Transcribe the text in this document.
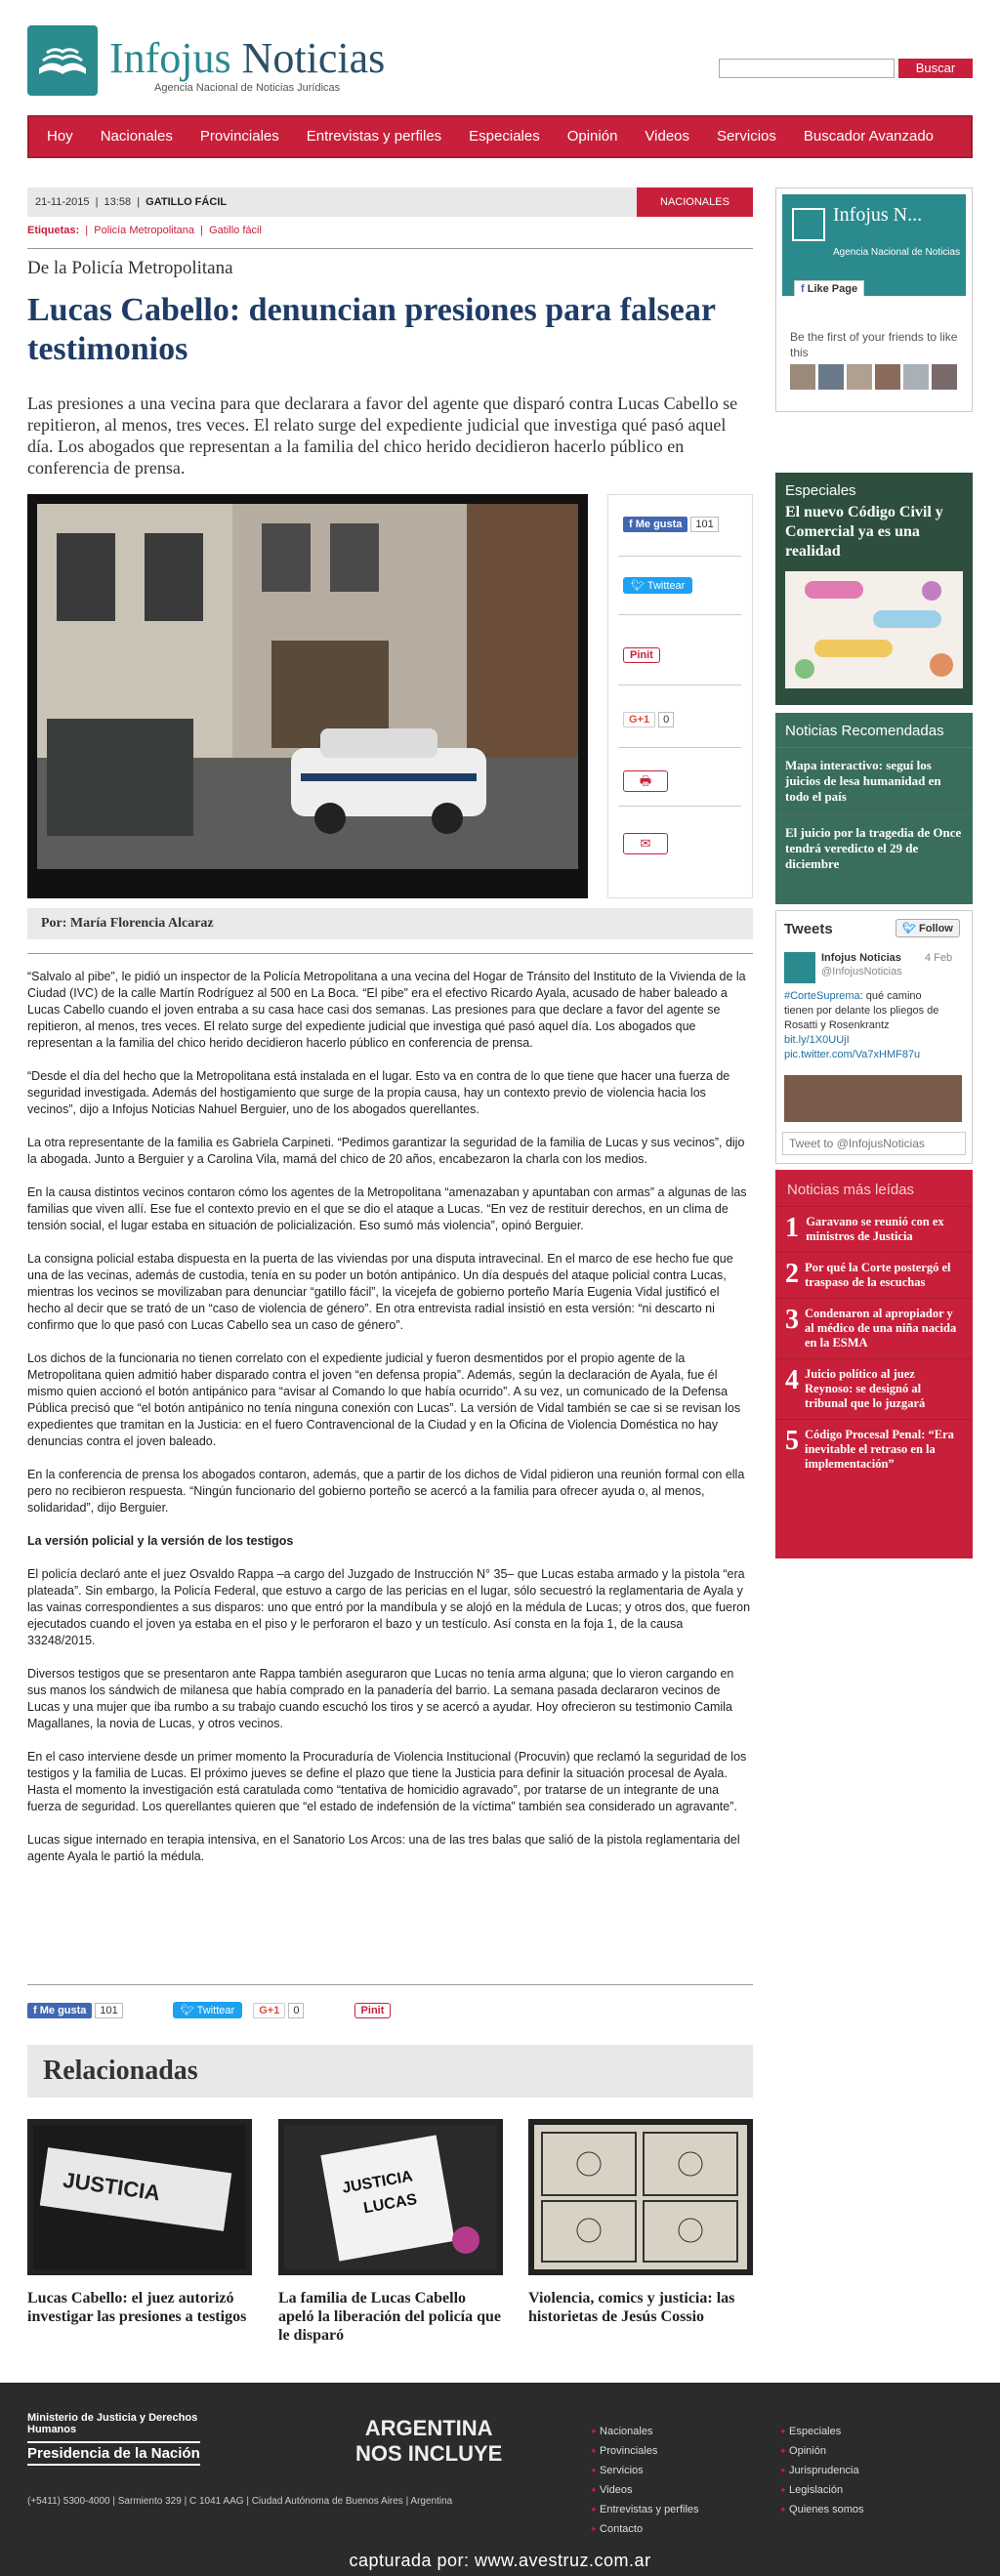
Infojus Noticias
Agencia Nacional de Noticias Jurídicas
Buscar
Hoy	Nacionales	Provinciales	Entrevistas y perfiles	Especiales	Opinión	Videos	Servicios	Buscador Avanzado
21-11-2015  |  13:58  |  GATILLO FÁCIL	NACIONALES
Etiquetas:  |  Policía Metropolitana  |  Gatillo fácil
De la Policía Metropolitana
Lucas Cabello: denuncian presiones para falsear testimonios
Las presiones a una vecina para que declarara a favor del agente que disparó contra Lucas Cabello se repitieron, al menos, tres veces. El relato surge del expediente judicial que investiga qué pasó aquel día. Los abogados que representan a la familia del chico herido decidieron hacerlo público en conferencia de prensa.
f Me gusta 101
🐦︎ Twittear
Pinit
G+1 0
🖶︎
✉
Por: María Florencia Alcaraz

“Salvalo al pibe”, le pidió un inspector de la Policía Metropolitana a una vecina del Hogar de Tránsito del Instituto de la Vivienda de la Ciudad (IVC) de la calle Martín Rodríguez al 500 en La Boca. “El pibe” era el efectivo Ricardo Ayala, acusado de haber baleado a Lucas Cabello cuando el joven entraba a su casa hace casi dos semanas. Las presiones para que declare a favor del agente se repitieron, al menos, tres veces. El relato surge del expediente judicial que investiga qué pasó aquel día. Los abogados que representan a la familia del chico herido decidieron hacerlo público en conferencia de prensa.

“Desde el día del hecho que la Metropolitana está instalada en el lugar. Esto va en contra de lo que tiene que hacer una fuerza de seguridad investigada. Además del hostigamiento que surge de la propia causa, hay un contexto previo de violencia hacia los vecinos”, dijo a Infojus Noticias Nahuel Berguier, uno de los abogados querellantes.

La otra representante de la familia es Gabriela Carpineti. “Pedimos garantizar la seguridad de la familia de Lucas y sus vecinos”, dijo la abogada. Junto a Berguier y a Carolina Vila, mamá del chico de 20 años, encabezaron la charla con los medios.

En la causa distintos vecinos contaron cómo los agentes de la Metropolitana “amenazaban y apuntaban con armas” a algunas de las familias que viven allí. Ese fue el contexto previo en el que se dio el ataque a Lucas. “En vez de restituir derechos, en un clima de tensión social, el lugar estaba en situación de policialización. Eso sumó más violencia”, opinó Berguier.

La consigna policial estaba dispuesta en la puerta de las viviendas por una disputa intravecinal. En el marco de ese hecho fue que una de las vecinas, además de custodia, tenía en su poder un botón antipánico. Un día después del ataque policial contra Lucas, mientras los vecinos se movilizaban para denunciar “gatillo fácil”, la vicejefa de gobierno porteño María Eugenia Vidal justificó el hecho al decir que se trató de un “caso de violencia de género”. En otra entrevista radial insistió en esta versión: “ni descarto ni confirmo que lo que pasó con Lucas Cabello sea un caso de género”.

Los dichos de la funcionaria no tienen correlato con el expediente judicial y fueron desmentidos por el propio agente de la Metropolitana quien admitió haber disparado contra el joven “en defensa propia”. Además, según la declaración de Ayala, fue él mismo quien accionó el botón antipánico para “avisar al Comando lo que había ocurrido”. A su vez, un comunicado de la Defensa Pública precisó que “el botón antipánico no tenía ninguna conexión con Lucas”. La versión de Vidal también se cae si se revisan los expedientes que tramitan en la Justicia: en el fuero Contravencional de la Ciudad y en la Oficina de Violencia Doméstica no hay denuncias contra el joven baleado.

En la conferencia de prensa los abogados contaron, además, que a partir de los dichos de Vidal pidieron una reunión formal con ella pero no recibieron respuesta. “Ningún funcionario del gobierno porteño se acercó a la familia para ofrecer ayuda o, al menos, solidaridad”, dijo Berguier.

La versión policial y la versión de los testigos

El policía declaró ante el juez Osvaldo Rappa –a cargo del Juzgado de Instrucción N° 35– que Lucas estaba armado y la pistola “era plateada”. Sin embargo, la Policía Federal, que estuvo a cargo de las pericias en el lugar, sólo secuestró la reglamentaria de Ayala y las vainas correspondientes a sus disparos: uno que entró por la mandíbula y se alojó en la médula de Lucas; y otros dos, que fueron ejecutados cuando el joven ya estaba en el piso y le perforaron el bazo y un testículo. Así consta en la foja 1, de la causa 33248/2015.

Diversos testigos que se presentaron ante Rappa también aseguraron que Lucas no tenía arma alguna; que lo vieron cargando en sus manos los sándwich de milanesa que había comprado en la panadería del barrio. La semana pasada declararon vecinos de Lucas y una mujer que iba rumbo a su trabajo cuando escuchó los tiros y se acercó a ayudar. Hoy ofrecieron su testimonio Camila Magallanes, la novia de Lucas, y otros vecinos.

En el caso interviene desde un primer momento la Procuraduría de Violencia Institucional (Procuvin) que reclamó la seguridad de los testigos y la familia de Lucas. El próximo jueves se define el plazo que tiene la Justicia para definir la situación procesal de Ayala. Hasta el momento la investigación está caratulada como “tentativa de homicidio agravado”, por tratarse de un integrante de una fuerza de seguridad. Los querellantes quieren que “el estado de indefensión de la víctima” también sea considerado un agravante”.

Lucas sigue internado en terapia intensiva, en el Sanatorio Los Arcos: una de las tres balas que salió de la pistola reglamentaria del agente Ayala le partió la médula.

f Me gusta 101	🐦︎ Twittear G+1 0	Pinit
Relacionadas
JUSTICIA
Lucas Cabello: el juez autorizó investigar las presiones a testigos
JUSTICIA
LUCAS
La familia de Lucas Cabello apeló la liberación del policía que le disparó
Violencia, comics y justicia: las historietas de Jesús Cossio
Infojus N...
Agencia Nacional de Noticias
f Like Page
Be the first of your friends to like this
Especiales
El nuevo Código Civil y Comercial ya es una realidad
Noticias Recomendadas
Mapa interactivo: seguí los juicios de lesa humanidad en todo el país
El juicio por la tragedia de Once tendrá veredicto el 29 de diciembre
Tweets	🐦︎ Follow
Infojus Noticias 4 Feb
@InfojusNoticias
#CorteSuprema: qué camino tienen por delante los pliegos de Rosatti y Rosenkrantz bit.ly/1X0UUjI pic.twitter.com/Va7xHMF87u
Tweet to @InfojusNoticias
Noticias más leídas
1 Garavano se reunió con ex ministros de Justicia
2 Por qué la Corte postergó el traspaso de la escuchas
3 Condenaron al apropiador y al médico de una niña nacida en la ESMA
4 Juicio político al juez Reynoso: se designó al tribunal que lo juzgará
5 Código Procesal Penal: “Era inevitable el retraso en la implementación”
Ministerio de Justicia y Derechos Humanos
Presidencia de la Nación
(+5411) 5300-4000 | Sarmiento 329 | C 1041 AAG | Ciudad Autónoma de Buenos Aires | Argentina
ARGENTINA
NOS INCLUYE
✦ Nacionales
✦ Provinciales
✦ Servicios
✦ Videos
✦ Entrevistas y perfiles
✦ Contacto
✦ Especiales
✦ Opinión
✦ Jurisprudencia
✦ Legislación
✦ Quienes somos
capturada por: www.avestruz.com.ar
